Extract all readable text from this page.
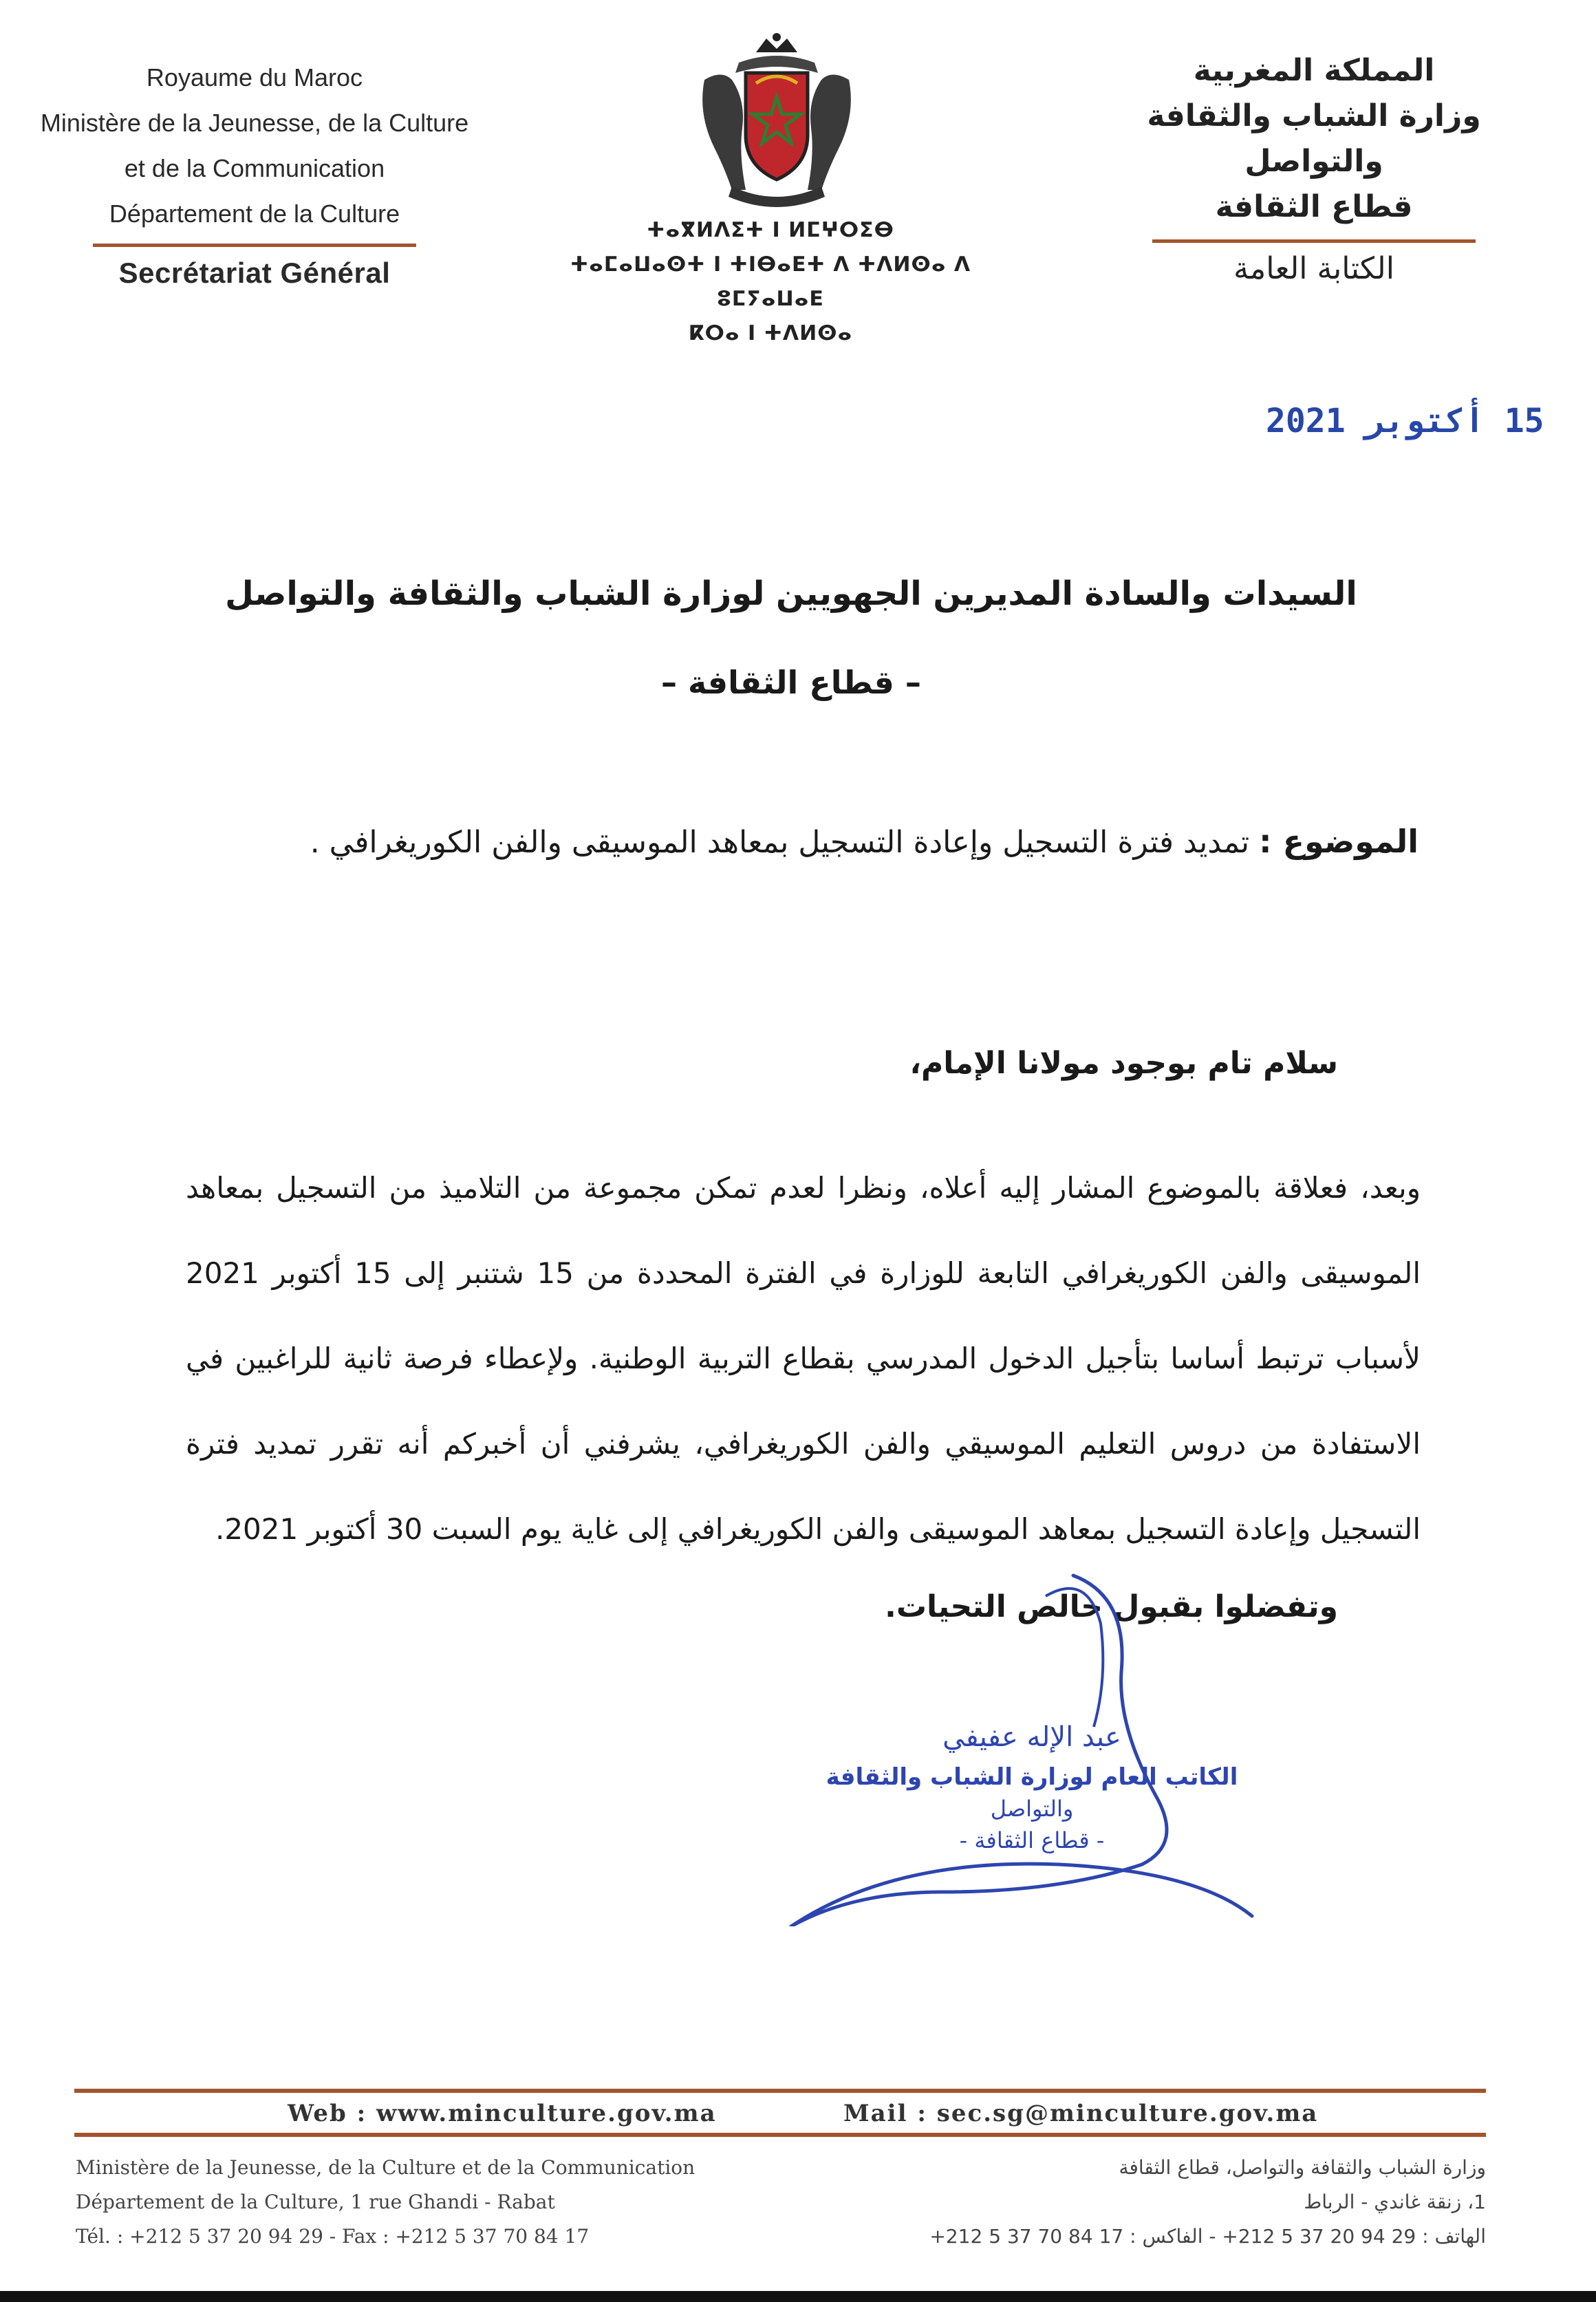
Royaume du Maroc
Ministère de la Jeunesse, de la Culture
et de la Communication
Département de la Culture
Secrétariat Général
ⵜⴰⴳⵍⴷⵉⵜ ⵏ ⵍⵎⵖⵔⵉⴱ
ⵜⴰⵎⴰⵡⴰⵙⵜ ⵏ ⵜⵏⴱⴰⴹⵜ ⴷ ⵜⴷⵍⵙⴰ ⴷ ⵓⵎⵢⴰⵡⴰⴹ
ⴽⵔⴰ ⵏ ⵜⴷⵍⵙⴰ
المملكة المغربية
وزارة الشباب والثقافة
والتواصل
قطاع الثقافة
الكتابة العامة
15 أكتوبر 2021
السيدات والسادة المديرين الجهويين لوزارة الشباب والثقافة والتواصل
– قطاع الثقافة –
الموضوع : تمديد فترة التسجيل وإعادة التسجيل بمعاهد الموسيقى والفن الكوريغرافي .
سلام تام بوجود مولانا الإمام،
وبعد، فعلاقة بالموضوع المشار إليه أعلاه، ونظرا لعدم تمكن مجموعة من التلاميذ من التسجيل بمعاهد الموسيقى والفن الكوريغرافي التابعة للوزارة في الفترة المحددة من 15 شتنبر إلى 15 أكتوبر 2021 لأسباب ترتبط أساسا بتأجيل الدخول المدرسي بقطاع التربية الوطنية. ولإعطاء فرصة ثانية للراغبين في الاستفادة من دروس التعليم الموسيقي والفن الكوريغرافي، يشرفني أن أخبركم أنه تقرر تمديد فترة التسجيل وإعادة التسجيل بمعاهد الموسيقى والفن الكوريغرافي إلى غاية يوم السبت 30 أكتوبر 2021.
وتفضلوا بقبول خالص التحيات.
عبد الإله عفيفي
الكاتب العام لوزارة الشباب والثقافة
والتواصل
- قطاع الثقافة -
Web : www.minculture.gov.ma	Mail : sec.sg@minculture.gov.ma
Ministère de la Jeunesse, de la Culture et de la Communication
Département de la Culture, 1 rue Ghandi - Rabat
Tél. : +212 5 37 20 94 29 - Fax : +212 5 37 70 84 17
وزارة الشباب والثقافة والتواصل، قطاع الثقافة
1، زنقة غاندي - الرباط
الهاتف : 29 94 20 37 5 212+ - الفاكس : 17 84 70 37 5 212+
